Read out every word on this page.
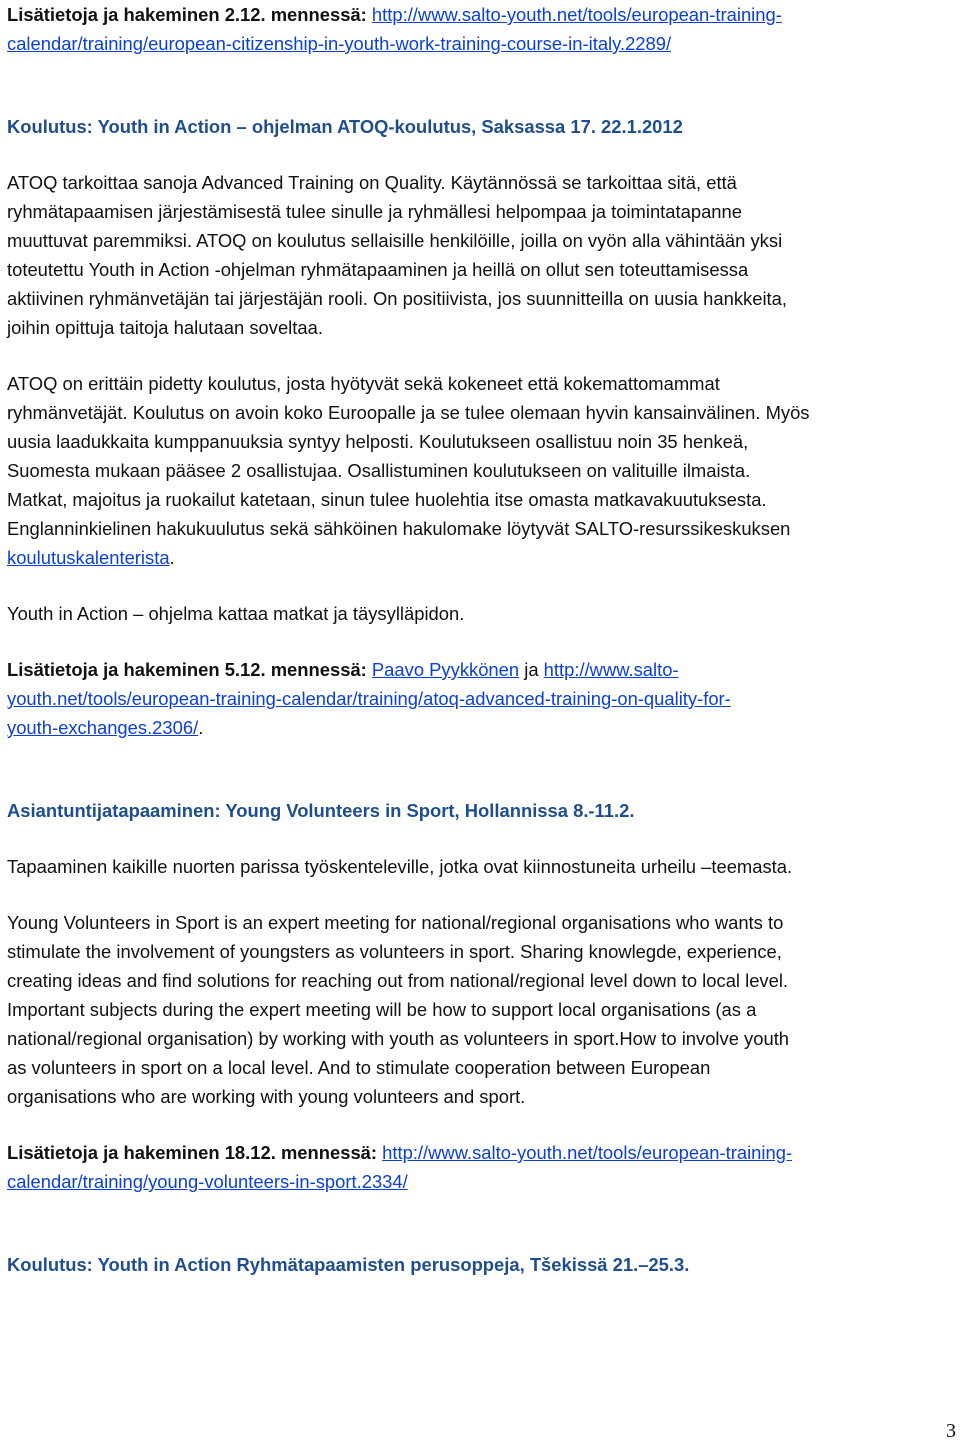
Lisätietoja ja hakeminen 2.12. mennessä: http://www.salto-youth.net/tools/european-training-
calendar/training/european-citizenship-in-youth-work-training-course-in-italy.2289/
Koulutus: Youth in Action – ohjelman ATOQ-koulutus, Saksassa 17. 22.1.2012
ATOQ tarkoittaa sanoja Advanced Training on Quality. Käytännössä se tarkoittaa sitä, että
ryhmätapaamisen järjestämisestä tulee sinulle ja ryhmällesi helpompaa ja toimintatapanne
muuttuvat paremmiksi. ATOQ on koulutus sellaisille henkilöille, joilla on vyön alla vähintään yksi
toteutettu Youth in Action -ohjelman ryhmätapaaminen ja heillä on ollut sen toteuttamisessa
aktiivinen ryhmänvetäjän tai järjestäjän rooli. On positiivista, jos suunnitteilla on uusia hankkeita,
joihin opittuja taitoja halutaan soveltaa.
ATOQ on erittäin pidetty koulutus, josta hyötyvät sekä kokeneet että kokemattomammat
ryhmänvetäjät. Koulutus on avoin koko Euroopalle ja se tulee olemaan hyvin kansainvälinen. Myös
uusia laadukkaita kumppanuuksia syntyy helposti. Koulutukseen osallistuu noin 35 henkeä,
Suomesta mukaan pääsee 2 osallistujaa. Osallistuminen koulutukseen on valituille ilmaista.
Matkat, majoitus ja ruokailut katetaan, sinun tulee huolehtia itse omasta matkavakuutuksesta.
Englanninkielinen hakukuulutus sekä sähköinen hakulomake löytyvät SALTO-resurssikeskuksen
koulutuskalenterista.
Youth in Action – ohjelma kattaa matkat ja täysylläpidon.
Lisätietoja ja hakeminen 5.12. mennessä: Paavo Pyykkönen ja http://www.salto-
youth.net/tools/european-training-calendar/training/atoq-advanced-training-on-quality-for-
youth-exchanges.2306/.
Asiantuntijatapaaminen: Young Volunteers in Sport, Hollannissa 8.-11.2.
Tapaaminen kaikille nuorten parissa työskenteleville, jotka ovat kiinnostuneita urheilu –teemasta.
Young Volunteers in Sport is an expert meeting for national/regional organisations who wants to
stimulate the involvement of youngsters as volunteers in sport. Sharing knowlegde, experience,
creating ideas and find solutions for reaching out from national/regional level down to local level.
Important subjects during the expert meeting will be how to support local organisations (as a
national/regional organisation) by working with youth as volunteers in sport.How to involve youth
as volunteers in sport on a local level. And to stimulate cooperation between European
organisations who are working with young volunteers and sport.
Lisätietoja ja hakeminen 18.12. mennessä: http://www.salto-youth.net/tools/european-training-
calendar/training/young-volunteers-in-sport.2334/
Koulutus: Youth in Action Ryhmätapaamisten perusoppeja, Tšekissä 21.–25.3.
3
